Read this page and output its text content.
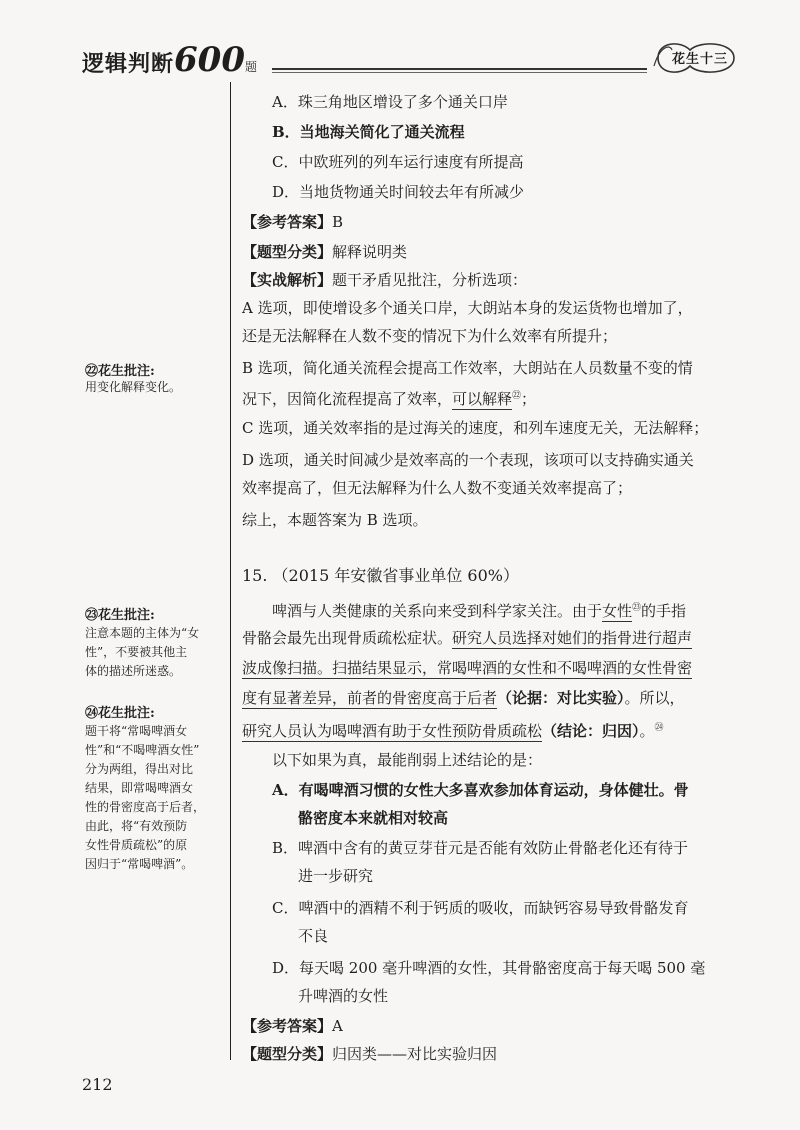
逻辑判断600题	花生十三
A．珠三角地区增设了多个通关口岸
B．当地海关简化了通关流程
C．中欧班列的列车运行速度有所提高
D．当地货物通关时间较去年有所减少
【参考答案】B
【题型分类】解释说明类
【实战解析】题干矛盾见批注，分析选项：
A 选项，即使增设多个通关口岸，大朗站本身的发运货物也增加了，
还是无法解释在人数不变的情况下为什么效率有所提升；
B 选项，简化通关流程会提高工作效率，大朗站在人员数量不变的情
况下，因简化流程提高了效率，可以解释$^㉒$；
C 选项，通关效率指的是过海关的速度，和列车速度无关，无法解释；
D 选项，通关时间减少是效率高的一个表现，该项可以支持确实通关
效率提高了，但无法解释为什么人数不变通关效率提高了；
综上，本题答案为 B 选项。
15. （2015 年安徽省事业单位 60%）
啤酒与人类健康的关系向来受到科学家关注。由于女性$^㉓$的手指
骨骼会最先出现骨质疏松症状。研究人员选择对她们的指骨进行超声
波成像扫描。扫描结果显示，常喝啤酒的女性和不喝啤酒的女性骨密
度有显著差异，前者的骨密度高于后者（论据：对比实验）。所以，
研究人员认为喝啤酒有助于女性预防骨质疏松（结论：归因）。$^㉔$
以下如果为真，最能削弱上述结论的是：
A．有喝啤酒习惯的女性大多喜欢参加体育运动，身体健壮。骨
骼密度本来就相对较高
B．啤酒中含有的黄豆芽苷元是否能有效防止骨骼老化还有待于
进一步研究
C．啤酒中的酒精不利于钙质的吸收，而缺钙容易导致骨骼发育
不良
D．每天喝 200 毫升啤酒的女性，其骨骼密度高于每天喝 500 毫
升啤酒的女性
【参考答案】A
【题型分类】归因类——对比实验归因
㉒花生批注:
用变化解释变化。
㉓花生批注:
注意本题的主体为“女
性”，不要被其他主
体的描述所迷惑。
㉔花生批注:
题干将“常喝啤酒女
性”和“不喝啤酒女性”
分为两组，得出对比
结果，即常喝啤酒女
性的骨密度高于后者，
由此，将“有效预防
女性骨质疏松”的原
因归于“常喝啤酒”。
212
